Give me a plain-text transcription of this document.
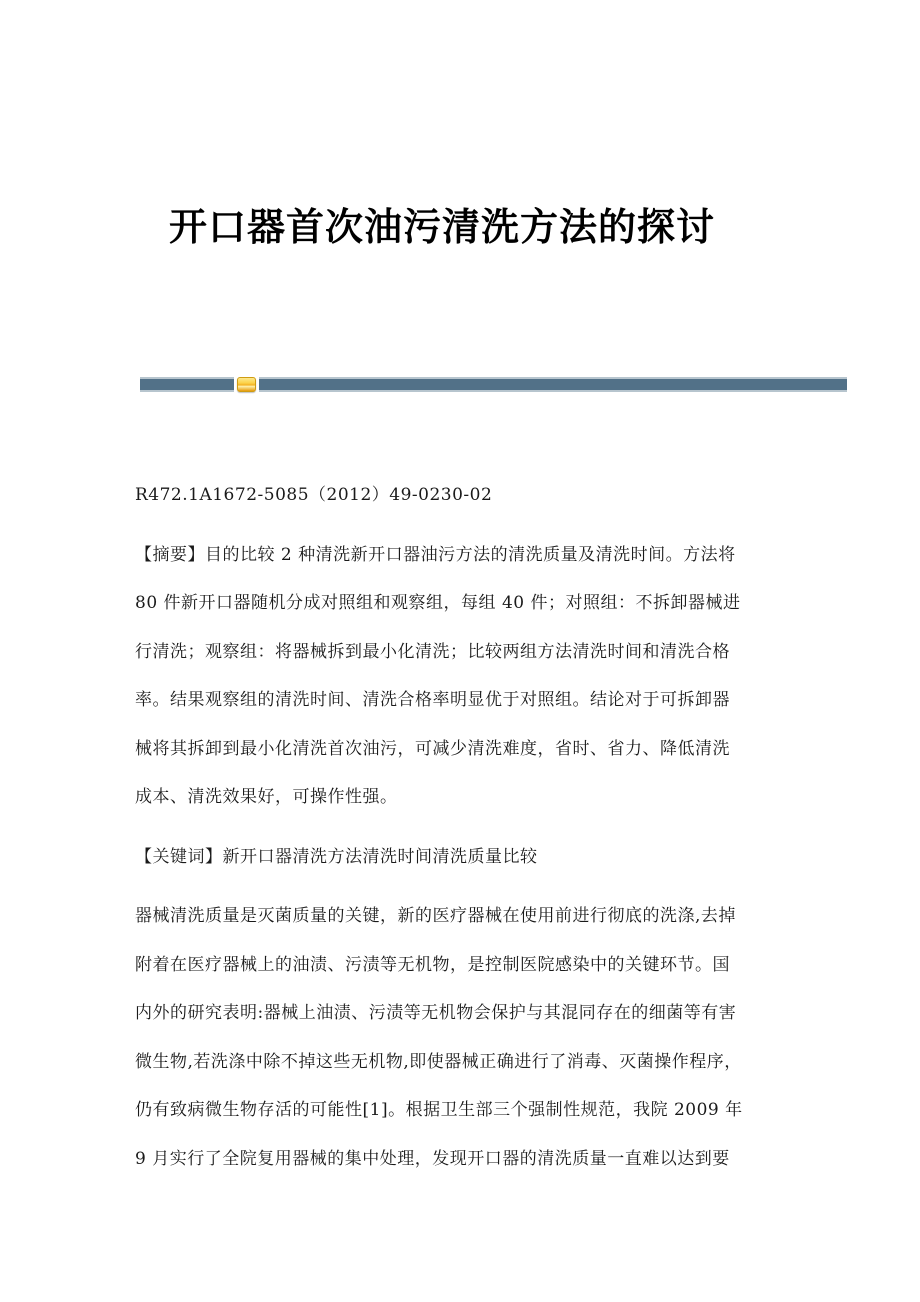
开口器首次油污清洗方法的探讨
R472.1A1672-5085（2012）49-0230-02
【摘要】目的比较 2 种清洗新开口器油污方法的清洗质量及清洗时间。方法将
80 件新开口器随机分成对照组和观察组，每组 40 件；对照组：不拆卸器械进
行清洗；观察组：将器械拆到最小化清洗；比较两组方法清洗时间和清洗合格
率。结果观察组的清洗时间、清洗合格率明显优于对照组。结论对于可拆卸器
械将其拆卸到最小化清洗首次油污，可减少清洗难度，省时、省力、降低清洗
成本、清洗效果好，可操作性强。
【关键词】新开口器清洗方法清洗时间清洗质量比较
器械清洗质量是灭菌质量的关键，新的医疗器械在使用前进行彻底的洗涤,去掉
附着在医疗器械上的油渍、污渍等无机物，是控制医院感染中的关键环节。国
内外的研究表明:器械上油渍、污渍等无机物会保护与其混同存在的细菌等有害
微生物,若洗涤中除不掉这些无机物,即使器械正确进行了消毒、灭菌操作程序，
仍有致病微生物存活的可能性[1]。根据卫生部三个强制性规范，我院 2009 年
9 月实行了全院复用器械的集中处理，发现开口器的清洗质量一直难以达到要
